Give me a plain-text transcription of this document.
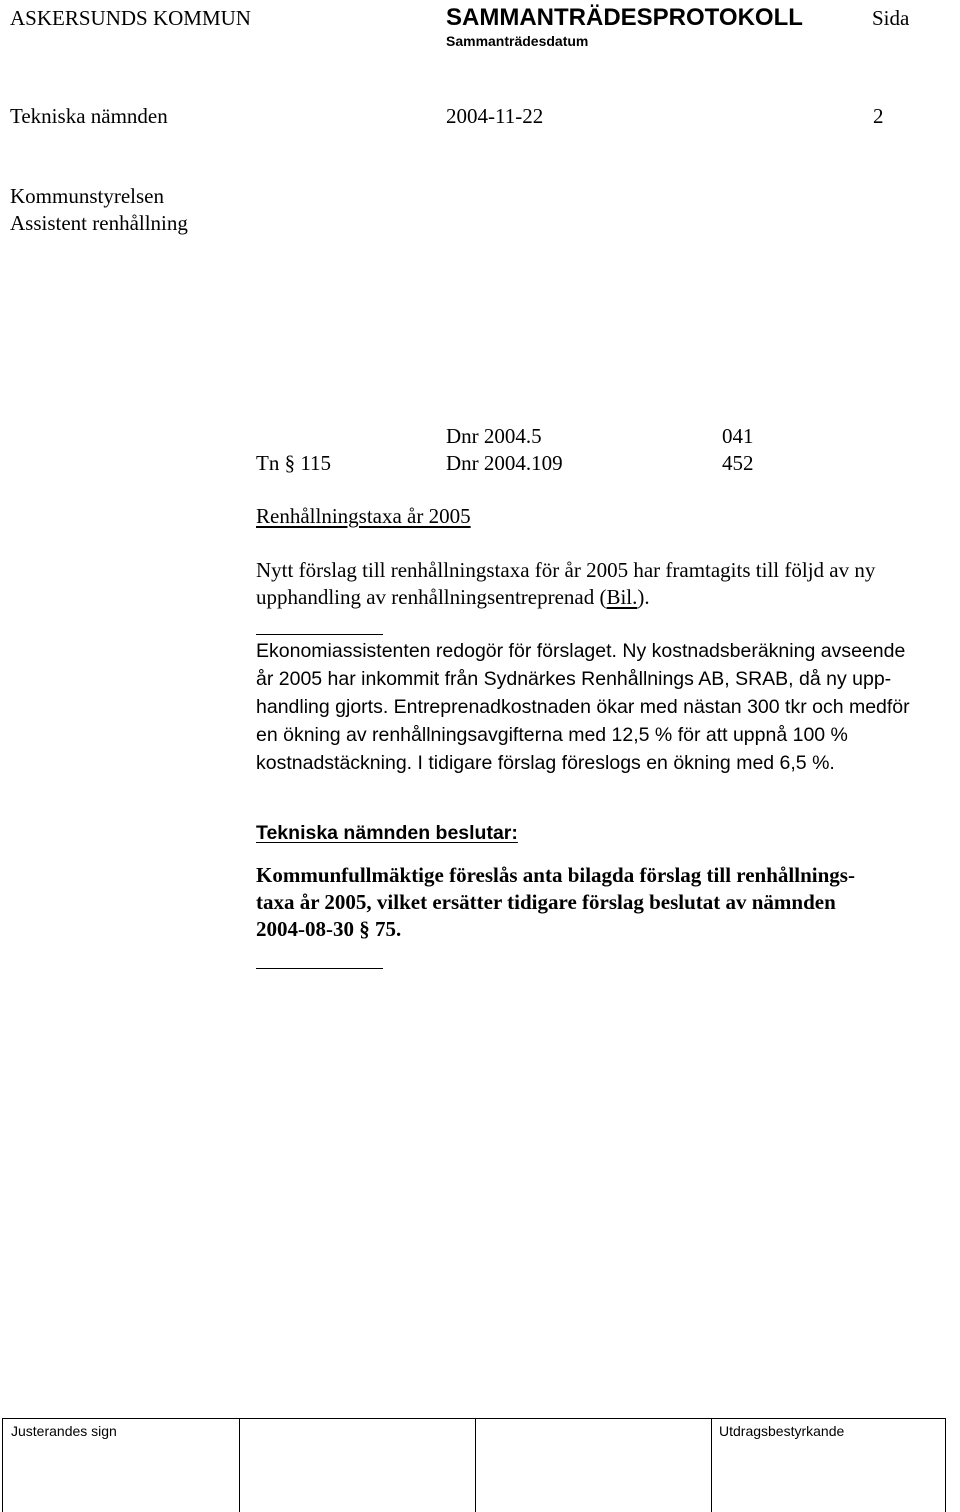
ASKERSUNDS KOMMUN	SAMMANTRÄDESPROTOKOLL	Sida
Sammanträdesdatum
Tekniska nämnden	2004-11-22	2
Kommunstyrelsen
Assistent renhållning
Dnr 2004.5	041
Tn § 115	Dnr 2004.109	452
Renhållningstaxa år 2005
Nytt förslag till renhållningstaxa för år 2005 har framtagits till följd av ny
upphandling av renhållningsentreprenad (Bil.).
Ekonomiassistenten redogör för förslaget. Ny kostnadsberäkning avseende
år 2005 har inkommit från Sydnärkes Renhållnings AB, SRAB, då ny upp-
handling gjorts. Entreprenadkostnaden ökar med nästan 300 tkr och medför
en ökning av renhållningsavgifterna med 12,5 % för att uppnå 100 %
kostnadstäckning. I tidigare förslag föreslogs en ökning med 6,5 %.
Tekniska nämnden beslutar:
Kommunfullmäktige föreslås anta bilagda förslag till renhållnings-
taxa år 2005, vilket ersätter tidigare förslag beslutat av nämnden
2004-08-30 § 75.
Justerandes sign	Utdragsbestyrkande
